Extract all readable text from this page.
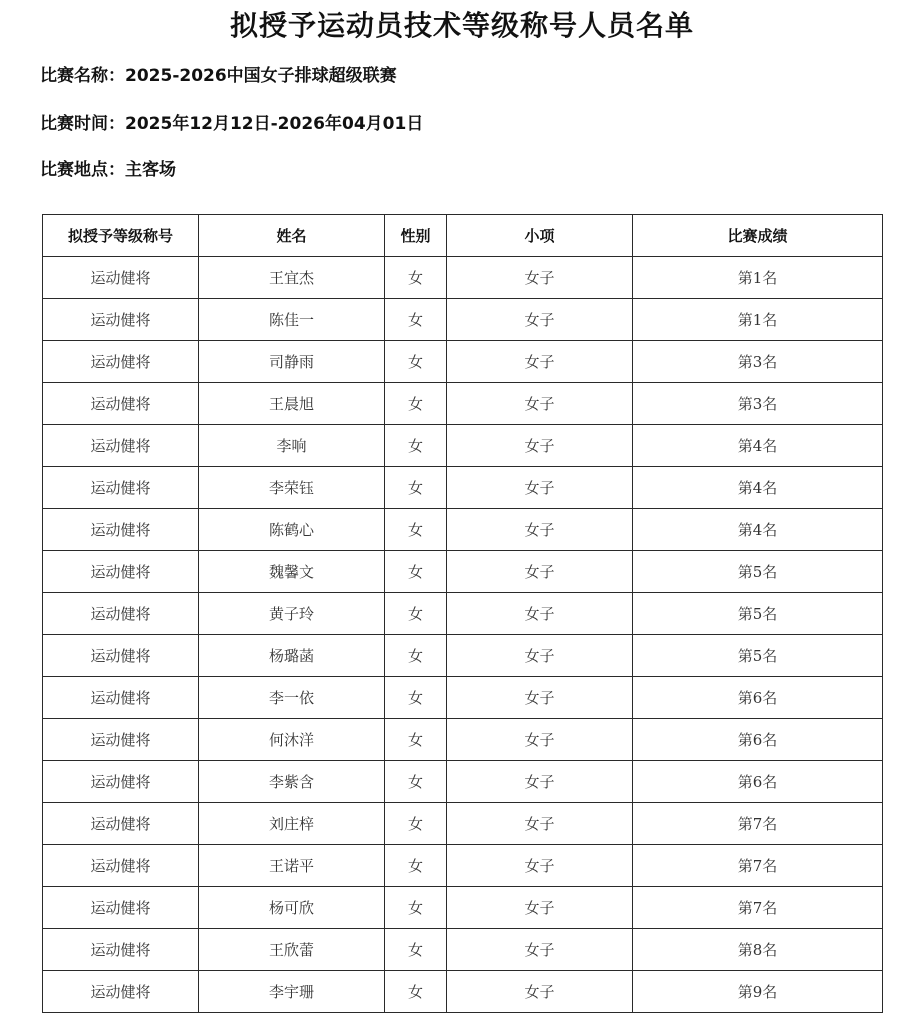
拟授予运动员技术等级称号人员名单
比赛名称：2025-2026中国女子排球超级联赛
比赛时间：2025年12月12日-2026年04月01日
比赛地点：主客场
拟授予等级称号	姓名	性别	小项	比赛成绩
运动健将	王宜杰	女	女子	第1名
运动健将	陈佳一	女	女子	第1名
运动健将	司静雨	女	女子	第3名
运动健将	王晨旭	女	女子	第3名
运动健将	李响	女	女子	第4名
运动健将	李荣钰	女	女子	第4名
运动健将	陈鹤心	女	女子	第4名
运动健将	魏馨文	女	女子	第5名
运动健将	黄子玲	女	女子	第5名
运动健将	杨璐菡	女	女子	第5名
运动健将	李一依	女	女子	第6名
运动健将	何沐洋	女	女子	第6名
运动健将	李紫含	女	女子	第6名
运动健将	刘庄梓	女	女子	第7名
运动健将	王诺平	女	女子	第7名
运动健将	杨可欣	女	女子	第7名
运动健将	王欣蕾	女	女子	第8名
运动健将	李宇珊	女	女子	第9名
